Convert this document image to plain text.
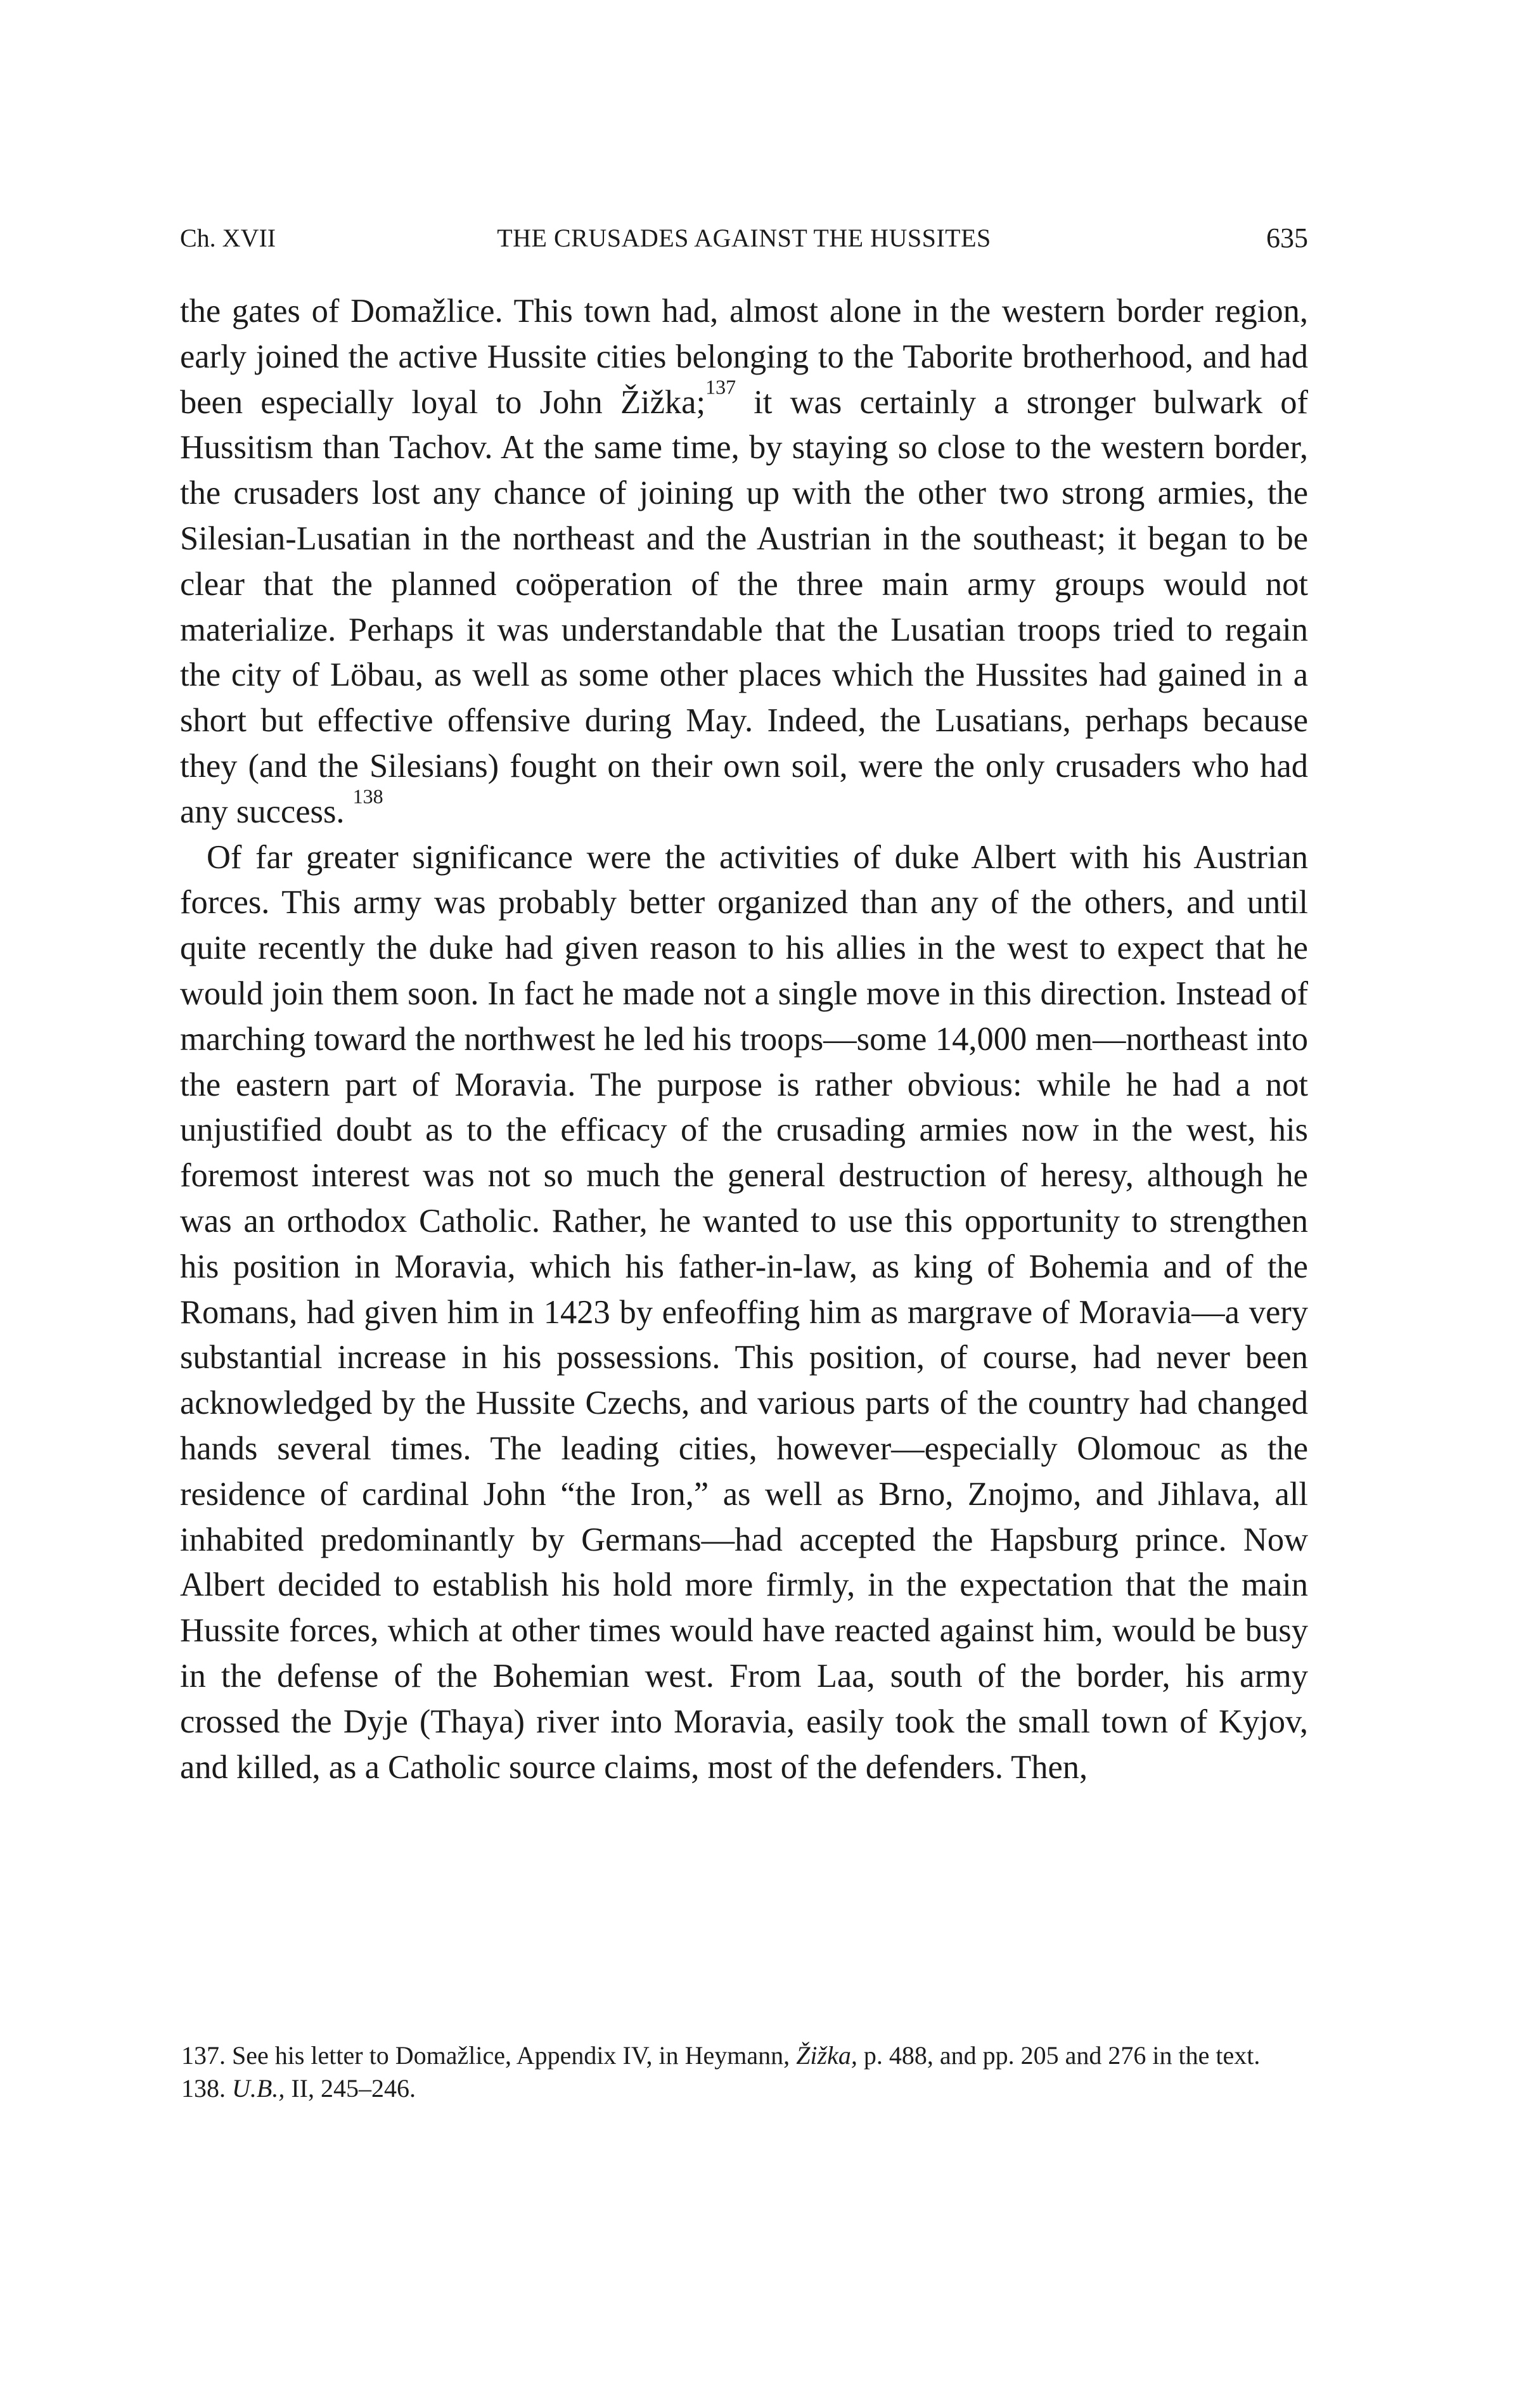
Ch. XVII	THE CRUSADES AGAINST THE HUSSITES	635

the gates of Domažlice. This town had, almost alone in the western border region, early joined the active Hussite cities belonging to the Taborite brotherhood, and had been especially loyal to John Žižka;$^{137}$ it was certainly a stronger bulwark of Hussitism than Tachov. At the same time, by staying so close to the western border, the crusaders lost any chance of joining up with the other two strong armies, the Silesian-Lusatian in the northeast and the Austrian in the southeast; it began to be clear that the planned coöperation of the three main army groups would not materialize. Perhaps it was understandable that the Lusatian troops tried to regain the city of Löbau, as well as some other places which the Hussites had gained in a short but effective offensive during May. Indeed, the Lusatians, perhaps because they (and the Silesians) fought on their own soil, were the only crusaders who had any success. $^{138}$

Of far greater significance were the activities of duke Albert with his Austrian forces. This army was probably better organized than any of the others, and until quite recently the duke had given reason to his allies in the west to expect that he would join them soon. In fact he made not a single move in this direction. Instead of marching toward the northwest he led his troops—some 14,000 men—northeast into the eastern part of Moravia. The purpose is rather obvious: while he had a not unjustified doubt as to the efficacy of the crusading armies now in the west, his foremost interest was not so much the general destruction of heresy, although he was an orthodox Catholic. Rather, he wanted to use this opportunity to strengthen his position in Moravia, which his father-in-law, as king of Bohemia and of the Romans, had given him in 1423 by enfeoffing him as margrave of Moravia—a very substantial increase in his possessions. This position, of course, had never been acknowledged by the Hussite Czechs, and various parts of the country had changed hands several times. The leading cities, however—especially Olomouc as the residence of cardinal John “the Iron,” as well as Brno, Znojmo, and Jihlava, all inhabited predominantly by Germans—had accepted the Hapsburg prince. Now Albert decided to establish his hold more firmly, in the expectation that the main Hussite forces, which at other times would have reacted against him, would be busy in the defense of the Bohemian west. From Laa, south of the border, his army crossed the Dyje (Thaya) river into Moravia, easily took the small town of Kyjov, and killed, as a Catholic source claims, most of the defenders. Then,

137. See his letter to Domažlice, Appendix IV, in Heymann, Žižka, p. 488, and pp. 205 and 276 in the text.

138. U.B., II, 245–246.
